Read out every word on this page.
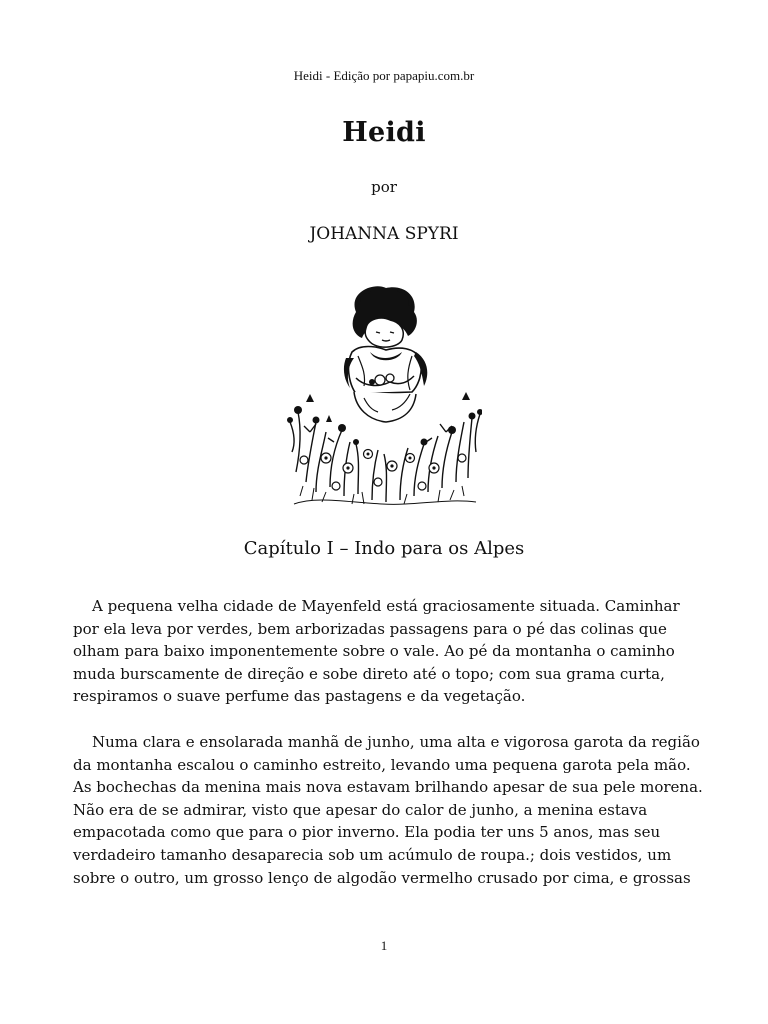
Heidi - Edição por papapiu.com.br
Heidi
por
JOHANNA SPYRI
Capítulo I – Indo para os Alpes
A pequena velha cidade de Mayenfeld está graciosamente situada. Caminhar
por ela leva por verdes, bem arborizadas passagens para o pé das colinas que
olham para baixo imponentemente sobre o vale. Ao pé da montanha o caminho
muda burscamente de direção e sobe direto até o topo; com sua grama curta,
respiramos o suave perfume das pastagens e da vegetação.
Numa clara e ensolarada manhã de junho, uma alta e vigorosa garota da região
da montanha escalou o caminho estreito, levando uma pequena garota pela mão.
As bochechas da menina mais nova estavam brilhando apesar de sua pele morena.
Não era de se admirar, visto que apesar do calor de junho, a menina estava
empacotada como que para o pior inverno. Ela podia ter uns 5 anos, mas seu
verdadeiro tamanho desaparecia sob um acúmulo de roupa.; dois vestidos, um
sobre o outro, um grosso lenço de algodão vermelho crusado por cima, e grossas
1
